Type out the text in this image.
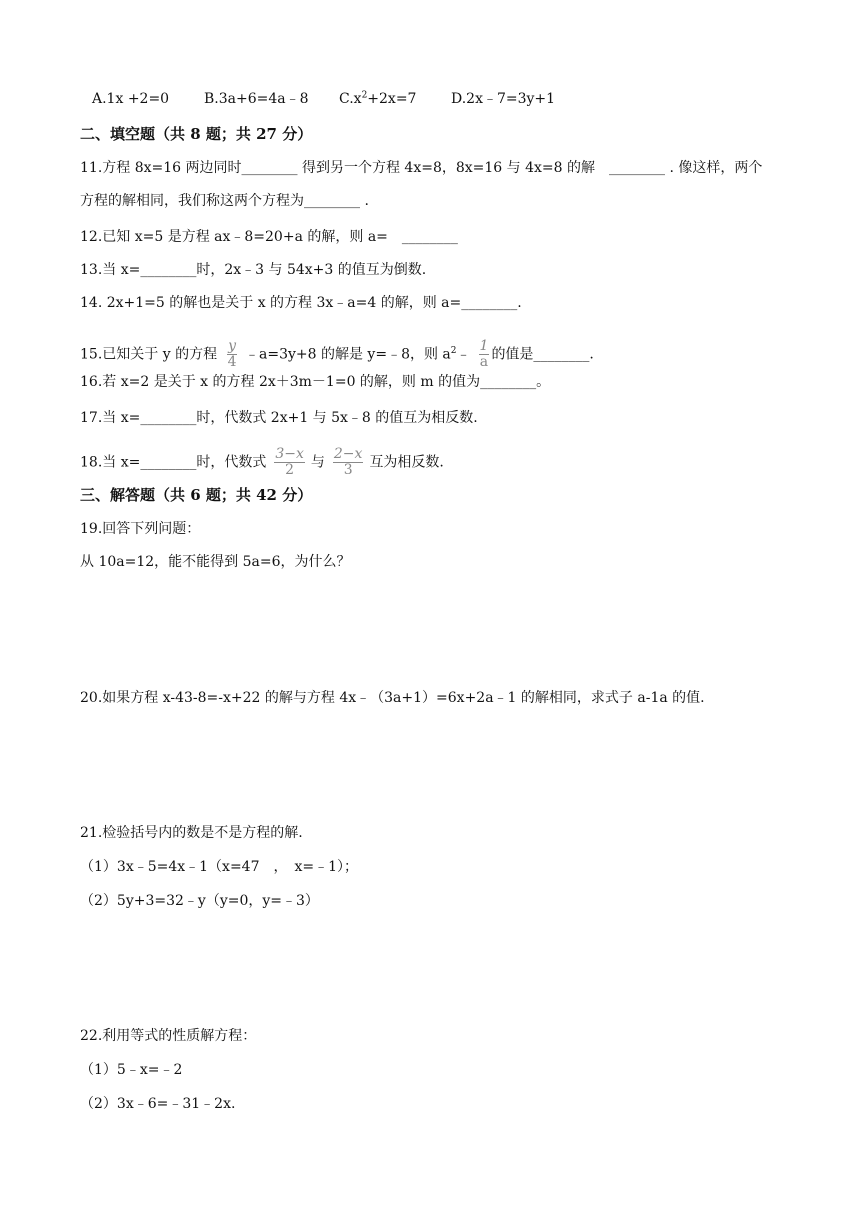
A.1x +2=0 B.3a+6=4a﹣8 $C.x^2+2x=7$ D.2x﹣7=3y+1
二、填空题（共 8 题；共 27 分）
11.方程 8x=16 两边同时________ 得到另一个方程 4x=8，8x=16 与 4x=8 的解　________ . 像这样，两个
方程的解相同，我们称这两个方程为________ .
12.已知 x=5 是方程 ax﹣8=20+a 的解，则 a=　________
13.当 x=________时，2x﹣3 与 54x+3 的值互为倒数.
14. 2x+1=5 的解也是关于 x 的方程 3x﹣a=4 的解，则 a=________.
15.已知关于 y 的方程 $\frac{y}{4}$ ﹣a=3y+8 的解是 y=﹣8，则 $a^2﹣ \frac{1}{a}$ 的值是________.
16.若 x=2 是关于 x 的方程 2x＋3m－1=0 的解，则 m 的值为________。
17.当 x=________时，代数式 2x+1 与 5x﹣8 的值互为相反数.
18.当 x=________时，代数式 $\frac{3-x}{2}$ 与 $\frac{2-x}{3}$ 互为相反数.
三、解答题（共 6 题；共 42 分）
19.回答下列问题：
从 10a=12，能不能得到 5a=6，为什么？
20.如果方程 x-43-8=-x+22 的解与方程 4x﹣（3a+1）=6x+2a﹣1 的解相同，求式子 a-1a 的值.
21.检验括号内的数是不是方程的解.
（1）3x﹣5=4x﹣1（x=47　，　x=﹣1）；
（2）5y+3=32﹣y（y=0，y=﹣3）
22.利用等式的性质解方程：
（1）5﹣x=﹣2
（2）3x﹣6=﹣31﹣2x.
